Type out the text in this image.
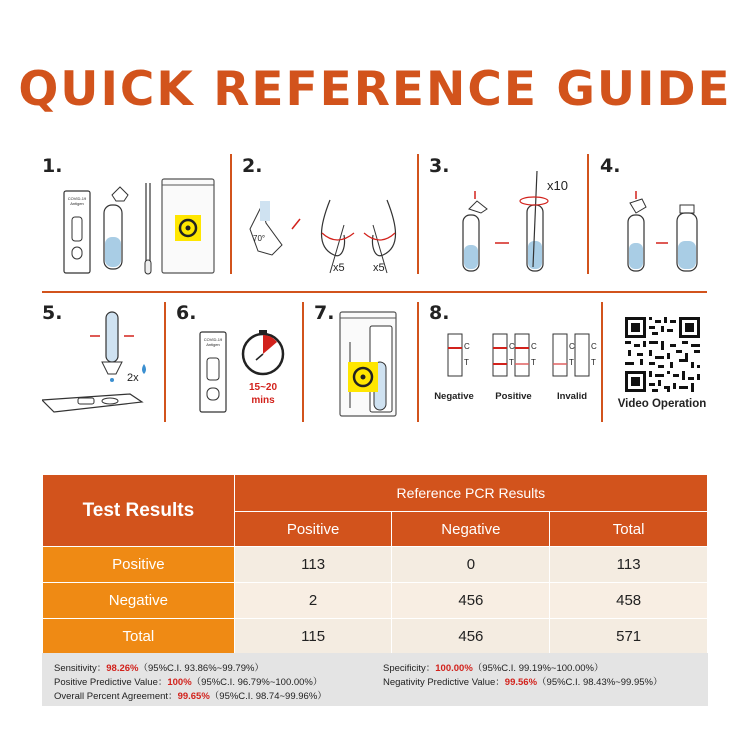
QUICK REFERENCE GUIDE
1.
COVID-19 Antigen
2.
70°
x5	x5
3.
x10
4.
5.
2x
6.
15~20
mins
COVID-19 Antigen
7.	8.
C
T
C
T
C
T
C
T
C
T
Negative	Positive	Invalid
Video Operation
Test Results	Reference PCR Results		
	Positive	Negative	Total
Positive	113	0	113
Negative	2	456	458
Total	115	456	571
Sensitivity：98.26%（95%C.I. 93.86%~99.79%）
Positive Predictive Value：100%（95%C.I. 96.79%~100.00%）
Overall Percent Agreement：99.65%（95%C.I. 98.74~99.96%）
Specificity：100.00%（95%C.I. 99.19%~100.00%）
Negativity Predictive Value：99.56%（95%C.I. 98.43%~99.95%）
